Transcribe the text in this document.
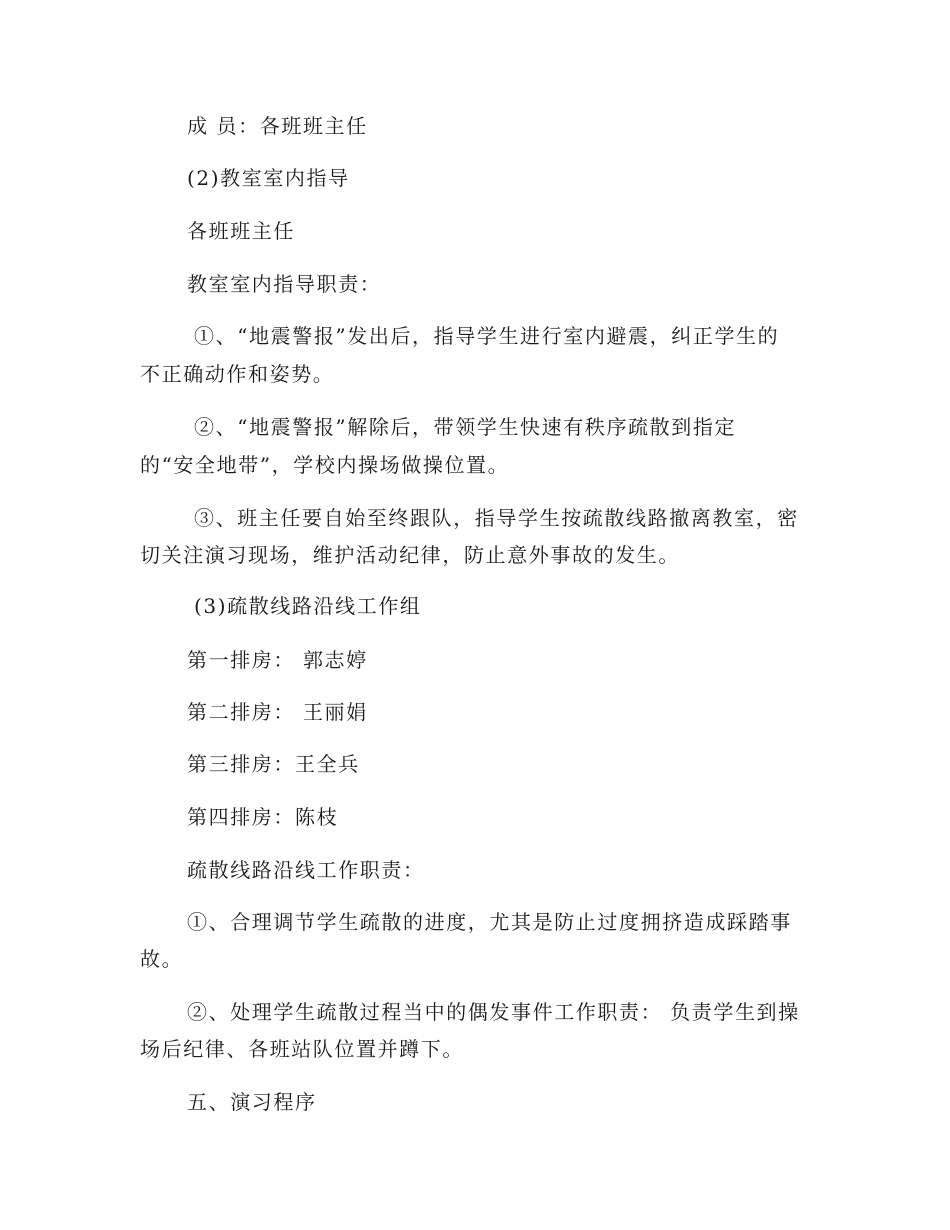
成 员：各班班主任
(2)教室室内指导
各班班主任
教室室内指导职责：
①、“地震警报”发出后，指导学生进行室内避震，纠正学生的
不正确动作和姿势。
②、“地震警报”解除后，带领学生快速有秩序疏散到指定
的“安全地带”，学校内操场做操位置。
③、班主任要自始至终跟队，指导学生按疏散线路撤离教室，密
切关注演习现场，维护活动纪律，防止意外事故的发生。
(3)疏散线路沿线工作组
第一排房： 郭志婷
第二排房： 王丽娟
第三排房：王全兵
第四排房：陈枝
疏散线路沿线工作职责：
①、合理调节学生疏散的进度，尤其是防止过度拥挤造成踩踏事
故。
②、处理学生疏散过程当中的偶发事件工作职责： 负责学生到操
场后纪律、各班站队位置并蹲下。
五、演习程序
